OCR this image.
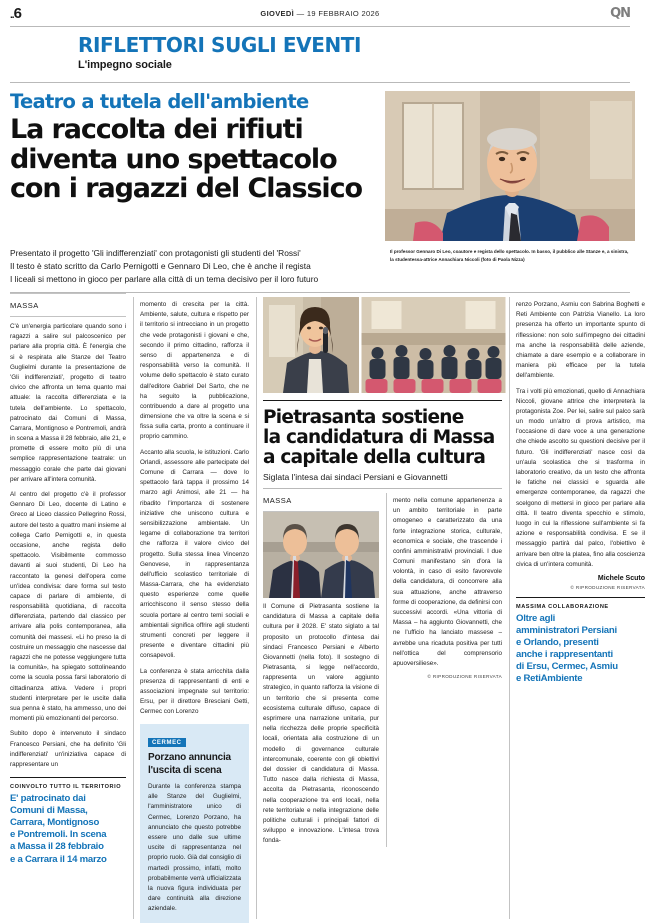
..6	GIOVEDÌ — 19 FEBBRAIO 2026	QN
RIFLETTORI SUGLI EVENTI
L'impegno sociale
Teatro a tutela dell'ambiente
La raccolta dei rifiuti
diventa uno spettacolo
con i ragazzi del Classico
Presentato il progetto 'Gli indifferenziati' con protagonisti gli studenti del 'Rossi'
Il testo è stato scritto da Carlo Pernigotti e Gennaro Di Leo, che è anche il regista
I liceali si mettono in gioco per parlare alla città di un tema decisivo per il loro futuro
Il professor Gennaro Di Leo, coautore e regista dello spettacolo. In basso, il pubblico alle Stanze e, a sinistra, la studentessa-attrice Annachiara Niccoli (foto di Paola Nizza)
MASSA

C'è un'energia particolare quando sono i ragazzi a salire sul palcoscenico per parlare alla propria città. È l'energia che si è respirata alle Stanze del Teatro Guglielmi durante la presentazione de 'Gli indifferenziati', progetto di teatro civico che affronta un tema quanto mai attuale: la raccolta differenziata e la tutela dell'ambiente. Lo spettacolo, patrocinato dai Comuni di Massa, Carrara, Montignoso e Pontremoli, andrà in scena a Massa il 28 febbraio, alle 21, e promette di essere molto più di una semplice rappresentazione teatrale: un messaggio corale che parte dai giovani per arrivare all'intera comunità.

Al centro del progetto c'è il professor Gennaro Di Leo, docente di Latino e Greco al Liceo classico Pellegrino Rossi, autore del testo a quattro mani insieme al collega Carlo Pernigotti e, in questa occasione, anche regista dello spettacolo. Visibilmente commosso davanti ai suoi studenti, Di Leo ha raccontato la genesi dell'opera come un'idea condivisa: dare forma sul testo capace di parlare di ambiente, di responsabilità quotidiana, di raccolta differenziata, partendo dal classico per arrivare alla polis contemporanea, alla comunità dei massesi. «Li ho preso la di costruire un messaggio che nascesse dal ragazzi che ne potesse veggiungere tutta la comunità», ha spiegato sottolineando come la scuola possa farsi laboratorio di cittadinanza attiva. Vedere i propri studenti interpretare per le uscite dalla sua penna è stato, ha ammesso, uno dei momenti più emozionanti del percorso.

Subito dopo è intervenuto il sindaco Francesco Persiani, che ha definito 'Gli indifferenziati' un'iniziativa capace di rappresentare un

COINVOLTO TUTTO IL TERRITORIO
E' patrocinato dai
Comuni di Massa,
Carrara, Montignoso
e Pontremoli. In scena
a Massa il 28 febbraio
e a Carrara il 14 marzo

momento di crescita per la città. Ambiente, salute, cultura e rispetto per il territorio si intrecciano in un progetto che vede protagonisti i giovani e che, secondo il primo cittadino, rafforza il senso di appartenenza e di responsabilità verso la comunità. Il volume dello spettacolo è stato curato dall'editore Gabriel Del Sarto, che ne ha seguito la pubblicazione, contribuendo a dare al progetto una dimensione che va oltre la scena e si fissa sulla carta, pronto a continuare il proprio cammino.

Accanto alla scuola, le istituzioni. Carlo Orlandi, assessore alle partecipate del Comune di Carrara — dove lo spettacolo farà tappa il prossimo 14 marzo agli Animosi, alle 21 — ha ribadito l'importanza di sostenere iniziative che uniscono cultura e sensibilizzazione ambientale. Un legame di collaborazione tra territori che rafforza il valore civico del progetto. Sulla stessa linea Vincenzo Genovese, in rappresentanza dell'ufficio scolastico territoriale di Massa-Carrara, che ha evidenziato questo esperienze come quelle arricchiscono il senso stesso della scuola portare al centro temi sociali e ambientali significa offrire agli studenti strumenti concreti per leggere il presente e diventare cittadini più consapevoli.

La conferenza è stata arricchita dalla presenza di rappresentanti di enti e associazioni impegnate sul territorio: Ersu, per il direttore Bresciani Getti, Cermec con Lorenzo

CERMEC
Porzano annuncia
l'uscita di scena
Durante la conferenza stampa alle Stanze del Guglielmi, l'amministratore unico di Cermec, Lorenzo Porzano, ha annunciato che questo potrebbe essere uno dalle sue ultime uscite di rappresentanza nel proprio ruolo. Già dal consiglio di martedì prossimo, infatti, molto probabilmente verrà ufficializzata la nuova figura individuata per dare continuità alla direzione aziendale.
Pietrasanta sostiene
la candidatura di Massa
a capitale della cultura
Siglata l'intesa dai sindaci Persiani e Giovannetti
MASSA

Il Comune di Pietrasanta sostiene la candidatura di Massa a capitale della cultura per il 2028. E' stato siglato a tal proposito un protocollo d'intesa dai sindaci Francesco Persiani e Alberto Giovannetti (nella foto). Il sostegno di Pietrasanta, si legge nell'accordo, rappresenta un valore aggiunto strategico, in quanto rafforza la visione di un territorio che si presenta come ecosistema culturale diffuso, capace di esprimere una narrazione unitaria, pur nella ricchezza delle proprie specificità locali, orientata alla costruzione di un modello di governance culturale intercomunale, coerente con gli obiettivi del dossier di candidatura di Massa. Tutto nasce dalla richiesta di Massa, accolta da Pietrasanta, riconoscendo nella cooperazione tra enti locali, nella rete territoriale e nella integrazione delle politiche culturali i principali fattori di sviluppo e innovazione. L'intesa trova fonda-

mento nella comune appartenenza a un ambito territoriale in parte omogeneo e caratterizzato da una forte integrazione storica, culturale, economica e sociale, che trascende i confini amministrativi provinciali. I due Comuni manifestano sin d'ora la volontà, in caso di esito favorevole della candidatura, di concorrere alla sua attuazione, anche attraverso forme di cooperazione, da definirsi con successivi accordi. «Una vittoria di Massa – ha aggiunto Giovannetti, che ne l'ufficio ha lanciato massese – avrebbe una ricaduta positiva per tutti nell'ottica del comprensorio apuoversiliese».

© RIPRODUZIONE RISERVATA

renzo Porzano, Asmiu con Sabrina Boghetti e Reti Ambiente con Patrizia Vianello. La loro presenza ha offerto un importante spunto di riflessione: non solo sull'impegno dei cittadini ma anche la responsabilità delle aziende, chiamate a dare esempio e a collaborare in maniera più efficace per la tutela dell'ambiente.

Tra i volti più emozionati, quello di Annachiara Niccoli, giovane attrice che interpreterà la protagonista Zoe. Per lei, salire sul palco sarà un modo un'altro di prova artistico, ma l'occasione di dare voce a una generazione che chiede ascolto su questioni decisive per il futuro. 'Gli indifferenziati' nasce così da un'aula scolastica che si trasforma in laboratorio creativo, da un testo che affronta le fatiche nei classici e sguarda alle emergenze contemporanee, da ragazzi che scelgono di mettersi in gioco per parlare alla città. Il teatro diventa specchio e stimolo, luogo in cui la riflessione sull'ambiente si fa azione e responsabilità condivisa. E se il messaggio partirà dal palco, l'obiettivo è arrivare ben oltre la platea, fino alla coscienza civica di un'intera comunità.

Michele Scuto
© RIPRODUZIONE RISERVATA
MASSIMA COLLABORAZIONE
Oltre agli
amministratori Persiani
e Orlando, presenti
anche i rappresentanti
di Ersu, Cermec, Asmiu
e RetiAmbiente
